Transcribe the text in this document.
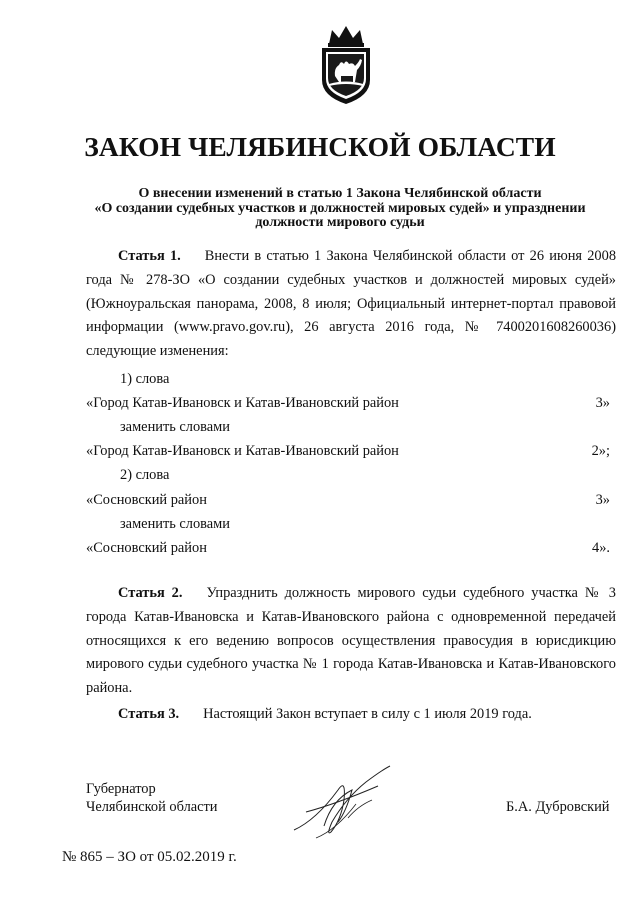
ЗАКОН ЧЕЛЯБИНСКОЙ ОБЛАСТИ
О внесении изменений в статью 1 Закона Челябинской области
«О создании судебных участков и должностей мировых судей» и упразднении
должности мирового судьи
Статья 1. Внести в статью 1 Закона Челябинской области от 26 июня 2008 года № 278-ЗО «О создании судебных участков и должностей мировых судей» (Южноуральская панорама, 2008, 8 июля; Официальный интернет-портал правовой информации (www.pravo.gov.ru), 26 августа 2016 года, № 7400201608260036) следующие изменения:
1) слова
«Город Катав-Ивановск и Катав-Ивановский район	3»
заменить словами
«Город Катав-Ивановск и Катав-Ивановский район	2»;
2) слова
«Сосновский район	3»
заменить словами
«Сосновский район	4».
Статья 2. Упразднить должность мирового судьи судебного участка № 3 города Катав-Ивановска и Катав-Ивановского района с одновременной передачей относящихся к его ведению вопросов осуществления правосудия в юрисдикцию мирового судьи судебного участка № 1 города Катав-Ивановска и Катав-Ивановского района.
Статья 3. Настоящий Закон вступает в силу с 1 июля 2019 года.
Губернатор
Челябинской области	Б.А. Дубровский
№ 865 – ЗО от 05.02.2019 г.
